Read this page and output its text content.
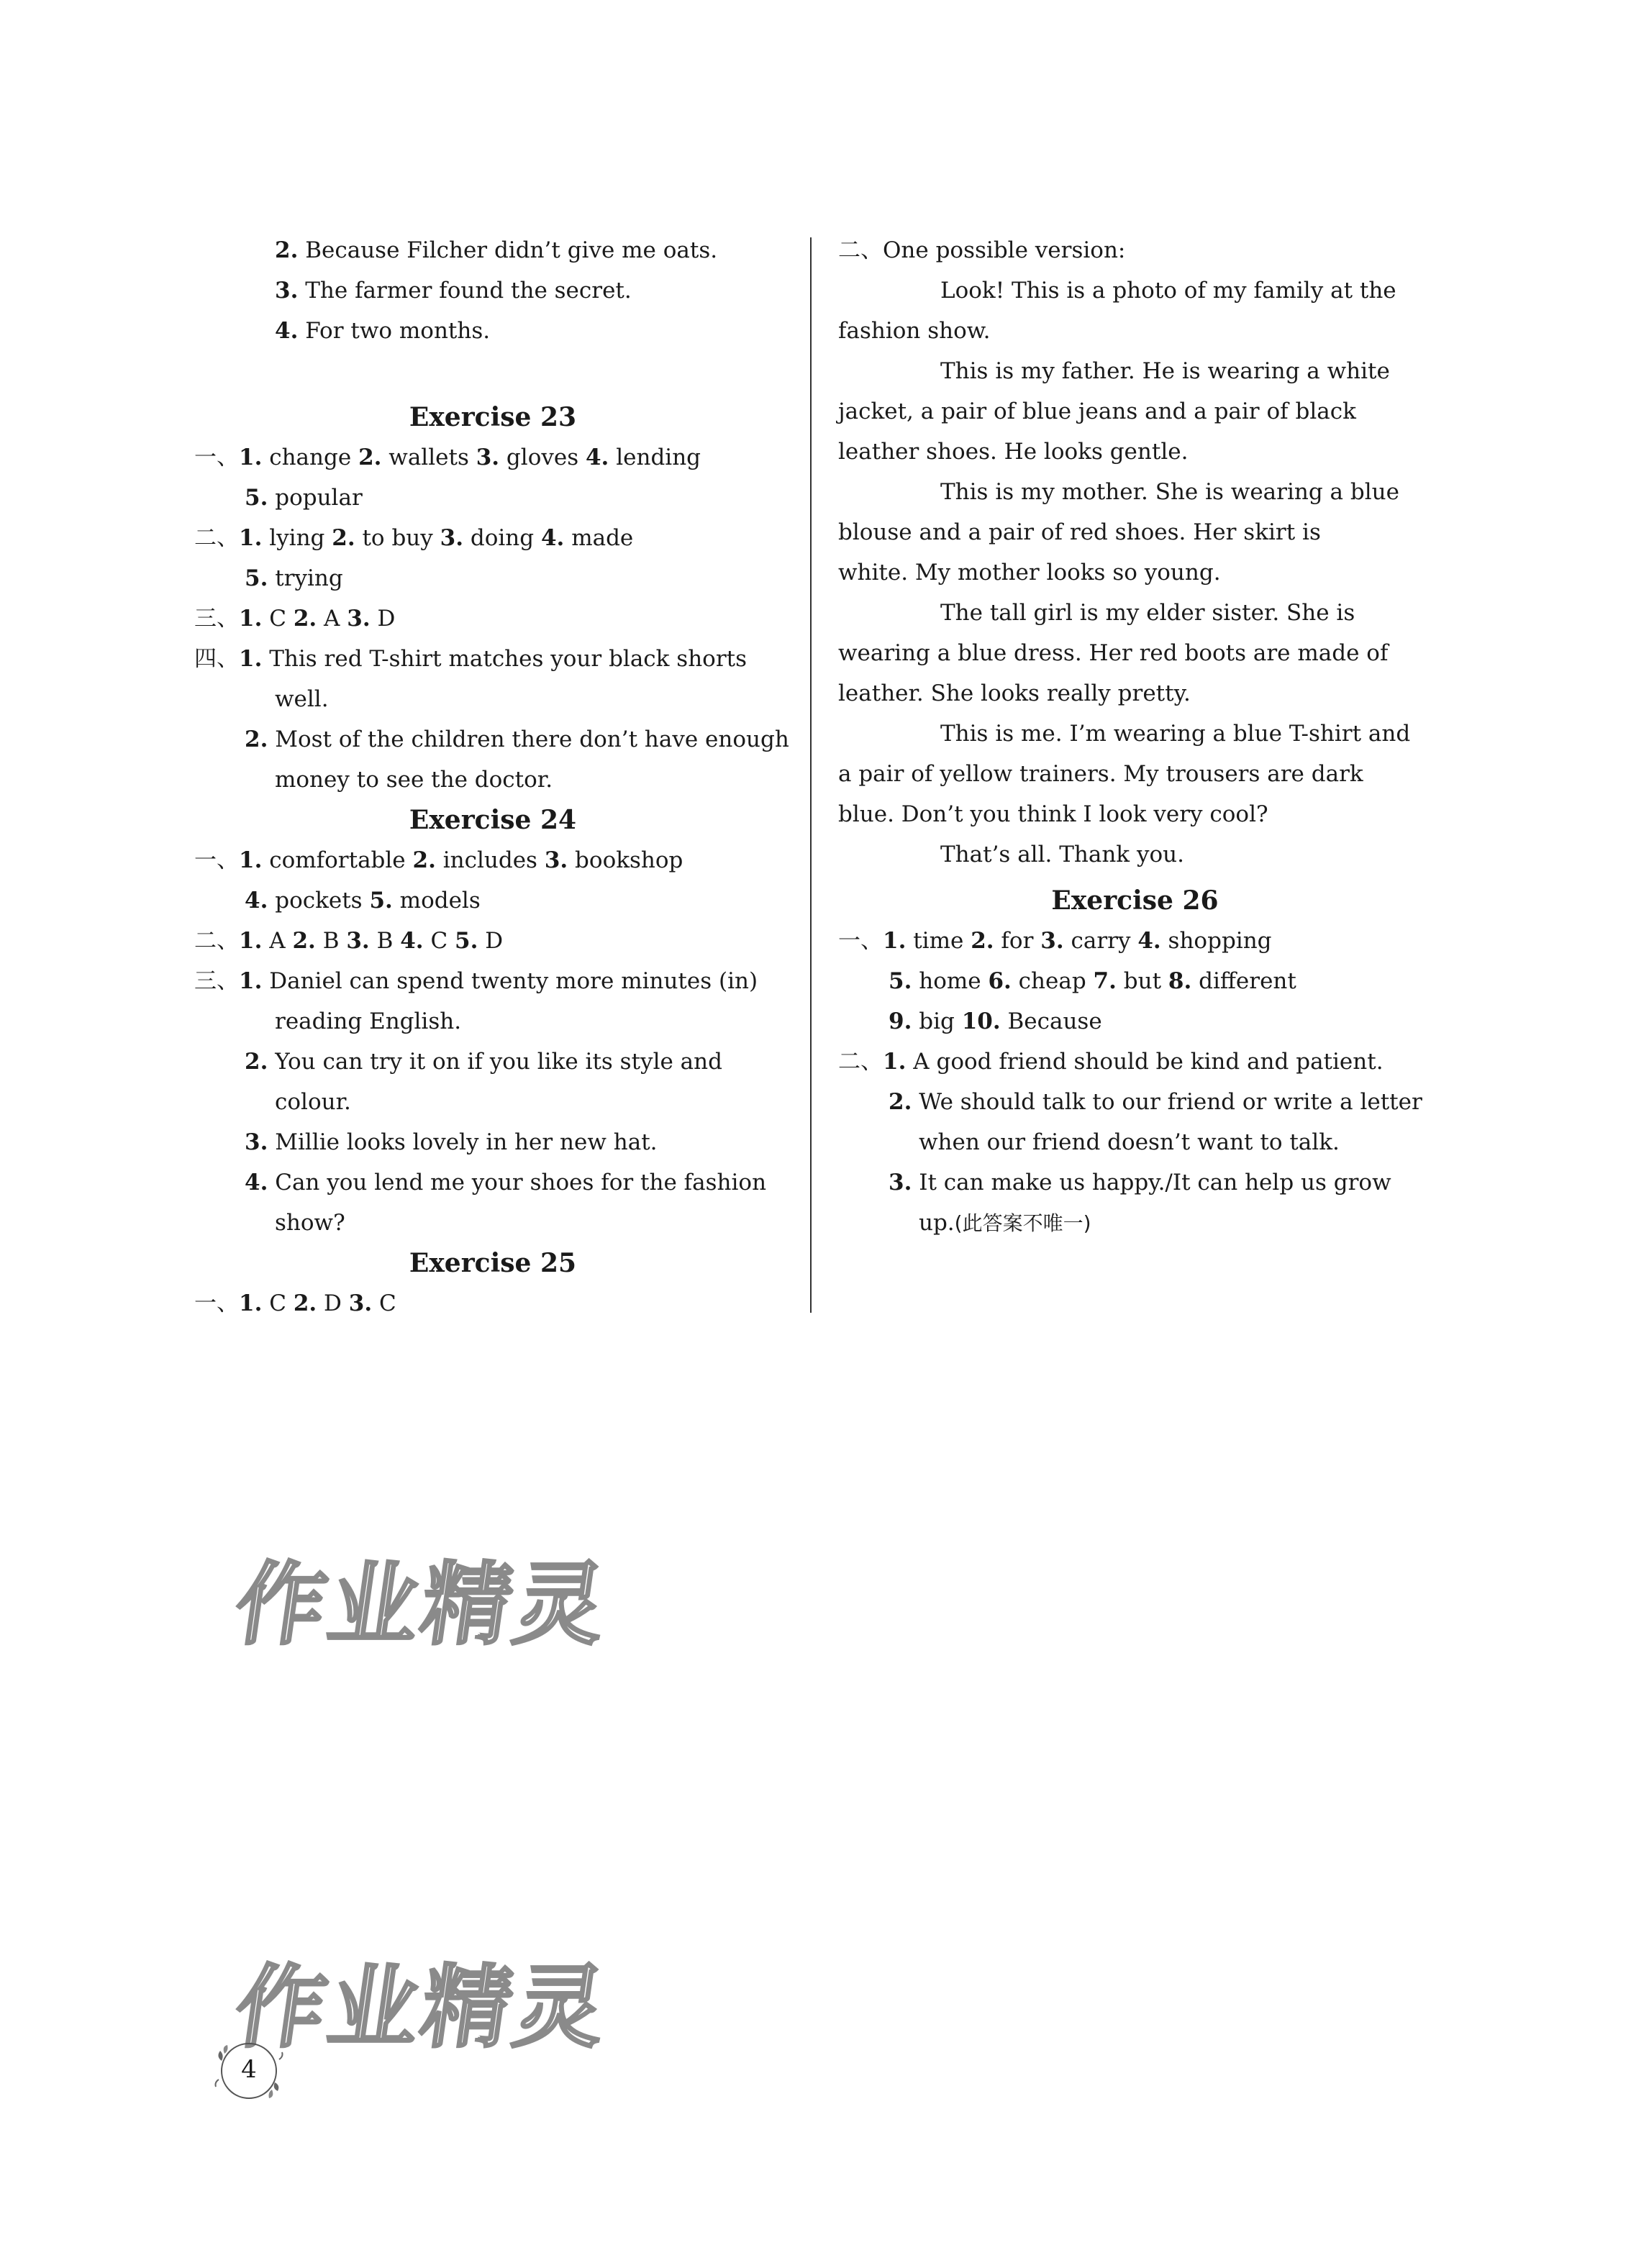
2. Because Filcher didn’t give me oats.
3. The farmer found the secret.
4. For two months.
Exercise 23
一、1. change 2. wallets 3. gloves 4. lending
5. popular
二、1. lying 2. to buy 3. doing 4. made
5. trying
三、1. C 2. A 3. D
四、1. This red T-shirt matches your black shorts
well.
2. Most of the children there don’t have enough
money to see the doctor.
Exercise 24
一、1. comfortable 2. includes 3. bookshop
4. pockets 5. models
二、1. A 2. B 3. B 4. C 5. D
三、1. Daniel can spend twenty more minutes (in)
reading English.
2. You can try it on if you like its style and
colour.
3. Millie looks lovely in her new hat.
4. Can you lend me your shoes for the fashion
show?
Exercise 25
一、1. C 2. D 3. C
二、One possible version:
Look! This is a photo of my family at the
fashion show.
This is my father. He is wearing a white
jacket, a pair of blue jeans and a pair of black
leather shoes. He looks gentle.
This is my mother. She is wearing a blue
blouse and a pair of red shoes. Her skirt is
white. My mother looks so young.
The tall girl is my elder sister. She is
wearing a blue dress. Her red boots are made of
leather. She looks really pretty.
This is me. I’m wearing a blue T-shirt and
a pair of yellow trainers. My trousers are dark
blue. Don’t you think I look very cool?
That’s all. Thank you.
Exercise 26
一、1. time 2. for 3. carry 4. shopping
5. home 6. cheap 7. but 8. different
9. big 10. Because
二、1. A good friend should be kind and patient.
2. We should talk to our friend or write a letter
when our friend doesn’t want to talk.
3. It can make us happy./It can help us grow
up.(此答案不唯一)
作业精灵
作业精灵
4
